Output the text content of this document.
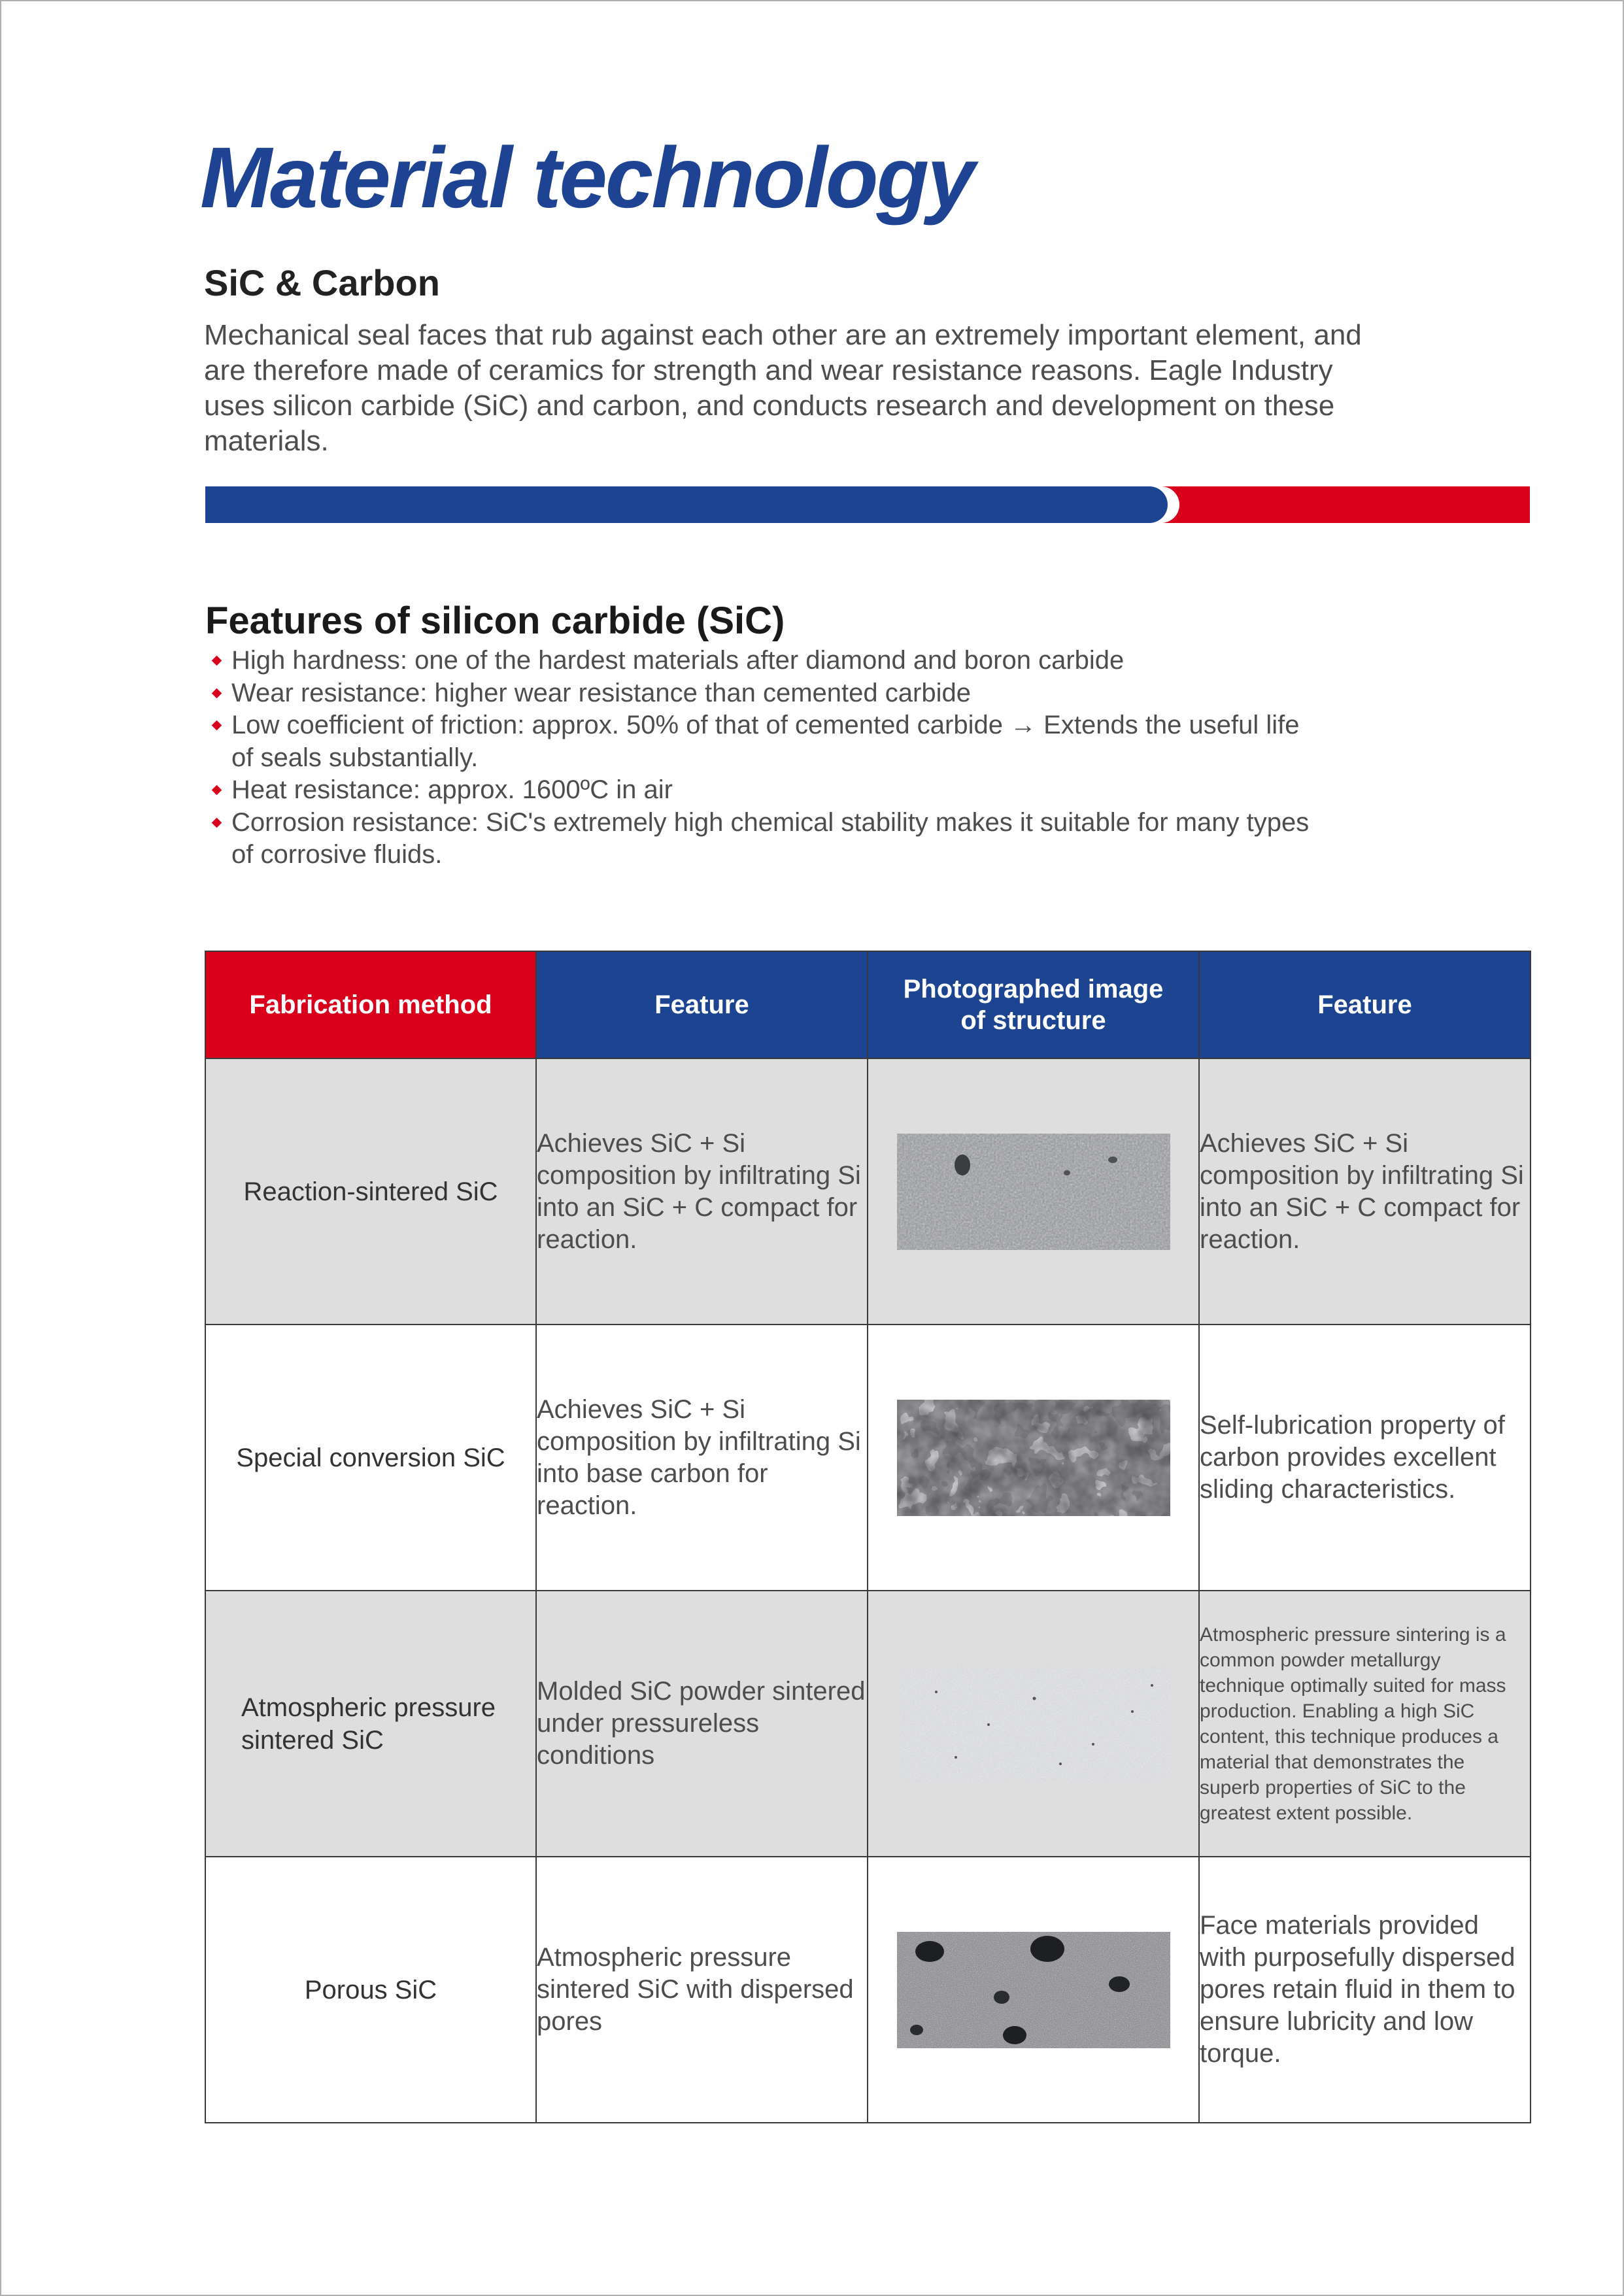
Material technology
SiC & Carbon

Mechanical seal faces that rub against each other are an extremely important element, and are therefore made of ceramics for strength and wear resistance reasons. Eagle Industry uses silicon carbide (SiC) and carbon, and conducts research and development on these materials.

Features of silicon carbide (SiC)
High hardness: one of the hardest materials after diamond and boron carbide
Wear resistance: higher wear resistance than cemented carbide
Low coefficient of friction: approx. 50% of that of cemented carbide → Extends the useful life of seals substantially.
Heat resistance: approx. 1600ºC in air
Corrosion resistance: SiC's extremely high chemical stability makes it suitable for many types of corrosive fluids.
Fabrication method	Feature	Photographed image of structure	Feature
Reaction-sintered SiC	Achieves SiC + Si composition by infiltrating Si into an SiC + C compact for reaction.		Achieves SiC + Si composition by infiltrating Si into an SiC + C compact for reaction.
Special conversion SiC	Achieves SiC + Si composition by infiltrating Si into base carbon for reaction.		Self-lubrication property of carbon provides excellent sliding characteristics.
Atmospheric pressure sintered SiC	Molded SiC powder sintered under pressureless conditions		Atmospheric pressure sintering is a common powder metallurgy technique optimally suited for mass production. Enabling a high SiC content, this technique produces a material that demonstrates the superb properties of SiC to the greatest extent possible.
Porous SiC	Atmospheric pressure sintered SiC with dispersed pores		Face materials provided with purposefully dispersed pores retain fluid in them to ensure lubricity and low torque.
